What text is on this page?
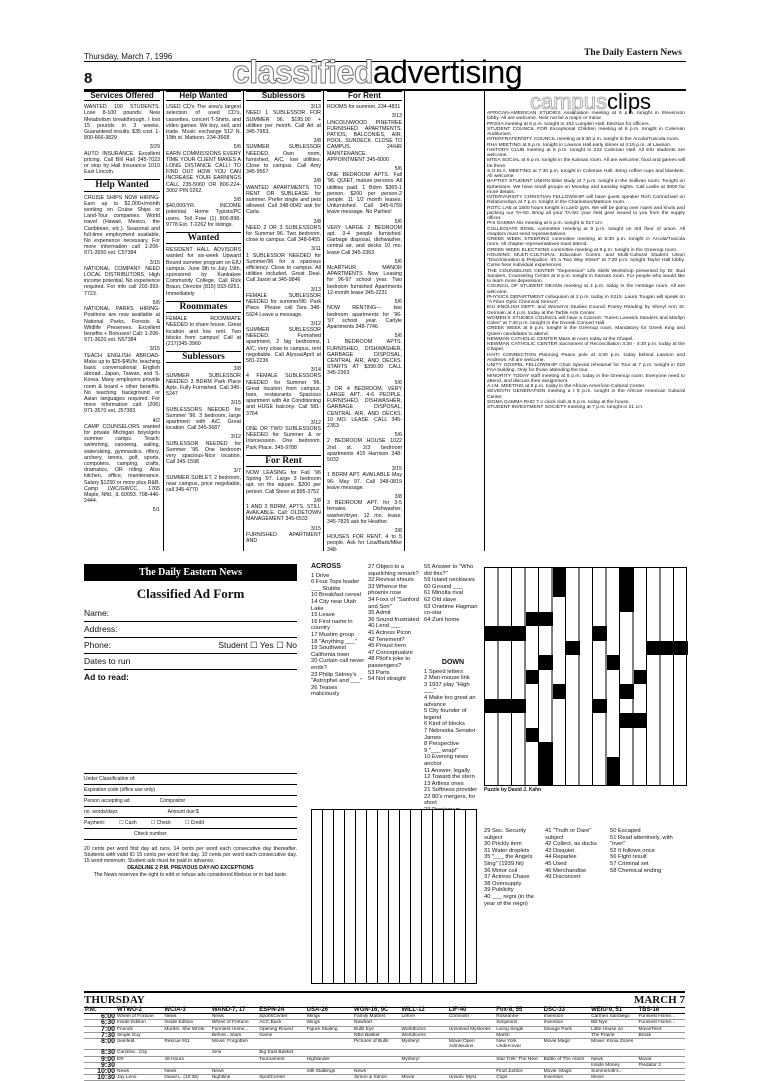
Thursday, March 7, 1996	The Daily Eastern News
8	classifiedadvertising
Services Offered
WANTED 100 STUDENTS. Lose 8-100 pounds. New Metabolism breakthrough. I lost 15 pounds in 3 weeks. Guaranteed results. $35 cost. 1-800-666-3829
3/29
AUTO INSURANCE. Excellent pricing. Call Bill Hall 345-7023 or stop by Hall Insurance 1010 East Lincoln.
Help Wanted
CRUISE SHIPS NOW HIRING- Earn up to $2,000+/month working on Cruise Ships or Land-Tour companies. World travel (Hawaii, Mexico, the Caribbean, etc.). Seasonal and full-time employment available. No experience necessary. For more information call 1-206-971-3550 ext. C57384
3/15
NATIONAL COMPANY NEED LOCAL DISTRIBUTORS. High income potential. No experience required. For info call 202-393-7723.
5/6
NATIONAL PARKS HIRING- Positions are now available at National Parks, Forests & Wildlife Preserves. Excellent benefits + Bonuses! Call: 1-206-971-3620 ext. N57384
3/15
TEACH ENGLISH ABROAD- Make up to $25-$45/hr. teaching basic conversational English abroad. Japan, Taiwan, and S. Korea. Many employers provide room & board + other benefits. No teaching background or Asian languages required. For more information call: (206) 971-3570 ext. J57383
4/2
CAMP COUNSELORS wanted for private Michigan boys/girls summer camps. Teach: swimming, canoeing, sailing, waterskiing, gymnastics, riflery, archery, tennis, golf, sports, computers, camping, crafts, dramatics, OR riding. Also kitchen, office, maintenance. Salary $1250 or more plus R&B. Camp LWC/GWCC, 1765 Maple, Nfld., IL 60093. 708-446-2444.
5/1
Help Wanted
USED CD's The area's largest selection of used CD's, cassettes, concert T-Shirts, and video games. We buy, sell, and trade. Music exchange 512 N. 19th st. Mattoon. 234-3668
5/6
EARN COMMISSIONS EVERY TIME YOUR CLIENT MAKES A LONG DISTANCE CALL! TO FIND OUT HOW YOU CAN INCREASE YOUR EARNINGS CALL 235-5060 OR 800-224-3002 PIN 0262.
3/8
$40,000/YR. INCOME potential. Home Typists/PC users. Toll Free (1) 800-898-9778 Ext. T-2262 for listings.
Wanted
RESIDENT HALL ADVISORS wanted for six-week Upward Bound summer program on EIU campus. June 9th to July 19th, sponsored by Kankakee Community College. Call Rick Braun, Director (815) 933-0261. Immediately
Roommates
FEMALE ROOMMATE NEEDED to share house. Great location and low rent. Two blocks from campus! Call at (217)345-3960
Sublessors
3/8
SUMMER SUBLESSOR NEEDED 3 BDRM Park Place Apts. Fully Furnished. Call 345-5247
3/15
SUBLESSORS NEEDED for Summer '96. 3 bedroom, large apartment with A/C. Great location. Call 345-3687
3/12
SUBLESSOR NEEDED for Summer '96. One bedroom very spacious-Nice location. Call 345-1598
3/7
SUMMER SUBLET, 2 bedroom, near campus, price negotiable, call 345-4770
Sublessors
3/13
NEED 1 SUBLESSOR FOR SUMMER 96. $195.00 + utilities per month. Call Art at 345-7963.
3/8
SUMMER SUBLESSOR NEEDED. Own room, furnished, A/C, low utilities. Close to campus. Call Amy 345-9567
3/8
WANTED APARTMENTS TO RENT OR SUBLEASE for summer. Prefer single and pets allowed. Call 348-0042 ask for Carla.
3/8
NEED 2 OR 3 SUBLESSORS for Summer 96. Two bedroom, close to campus. Call 348-6455
3/11
1 SUBLESSOR NEEDED for Summer/96 for a spacious efficiency. Close to campus. All utilities included. Great Deal. Call Jason at 345-9846
3/13
FEMALE SUBLESSOR NEEDED for summer/96. Park Place. Please call Tara 348-5924 Leave a message.
3/12
SUMMER SUBLESSOR NEEDED. Furnished apartment, 2 big bedrooms, A/C, very close to campus, rent negotiable. Call Alyssa/April at 581-2236
3/14
4 FEMALE SUBLESSORS NEEDED for Summer '96. Great location from campus, bars, restaurants. Spacious apartment with Air Conditioning and HUGE balcony. Call 581-3764
3/12
ONE OR TWO SUBLESSORS NEEDED for Summer & or Intersession. One bedroom. Park Place. 345-9788
For Rent
NOW LEASING for Fall '96 Spring '97. Large 3 bedroom apt. on the square. $200 per person. Call Steve at 895-3752
3/8
1 AND 2 BDRM. APTS. STILL AVAILABLE. Call: OLDETOWN MANAGEMENT 345-6533
3/15
FURNISHED APARTMENT AND
For Rent
ROOMS for summer. 234-4831
3/13
LINCOLNWOOD PINETREE FURNISHED APARTMENTS. PATIOS, BALCONIES, AIR, POOL, SUNDECK. CLOSE TO CAMPUS. 24/HR MAINTENANCE. APPOINTMENT 345-6000
5/6
ONE BEDROOM APTS. Fall '96. QUIET, mature persons. All utilities paid. 1 Bdrm $365-1 person. $200 per person-2 people. 11 1/2 month leases. Unfurnished. Call 345-6759 leave message. No Parties!
5/6
VERY LARGE 2 BEDROOM apt. 3-4 people furnished. Garbage disposal, dishwasher, central air, and decks 10 mo. lease Call 345-2363
5/6
McARTHUR MANOR APARTMENTS Now Leasing for 96-97 school year. Two bedroom furnished Apartments 12-month lease 345-2231
5/6
NOW RENTING--- two bedroom apartments for '96- '97 school year. Carlyle Apartments 348-7746
5/6
1 BEDROOM APTS. FURNISHED, DISHWASHER, GARBAGE DISPOSAL, CENTRAL AIR, AND DECKS. STARTS AT $390.00 CALL 345-2363
5/6
3 OR 4 BEDROOM, VERY LARGE APT. 4-6 PEOPLE. FURNISHED, DISHWASHER, GARBAGE DISPOSAL, CENTRAL AIR, AND DECKS. 10 MO. LEASE. CALL 345-2363
5/6
2 BEDROOM HOUSE 1022 2nd st. 2/3 bedroom apartments 415 Harrison 348-5032
3/15
1 BDRM APT. AVAILABLE May 96- May 97. Call 348-0819 leave message.
3/8
3 BEDROOM APT. for 3-5 females. Dishwasher, washer/dryer. 12 mo. lease. 345-7825 ask for Heather.
3/8
HOUSES FOR RENT. 4 to 5 people. Ask for Lisa/Barb/Mike 348-
campusclips
AFRICAN-AMERICAN STUDIES Association meeting at 6 p.m. tonight in Stevenson lobby. All are welcome. Next not be a major or minor.
PRSSA meeting at 6 p.m. tonight in 102 Lumpkin Hall. Election for officers.
STUDENT COUNCIL FOR Exceptional Children meeting at 6 p.m. tonight in Coleman Auditorium.
INTERFRATERNITY COUNCIL meeting at 6:30 p.m. tonight in the Arcola/Tuscola room.
RHA MEETING at 5 p.m. tonight in Lawson Hall.early dinner at 4:15 p.m. at Lawson.
HISTORY CLUB meeting at 6 p.m. tonight in 222 Coleman Hall. All EIU students are welcome.
MTEA SOCIAL at 6 p.m. tonight in the Kansas room. All are welcome; food and games will be there.
S.O.M.A. MEETING at 7:30 p.m. tonight in Coleman Hall. Bring coffee cups and blankets. All welcome.
BAPTIST STUDENT UNION bible study at 7 p.m. tonight in the Sullivan room. Tonight on Ephesians. We have small groups on Monday and tuesday nights. Call Leslie at 3000 for more details.
INTERVARSITY CHRISTIAN FELLOWSHIP will have guest speaker Rich Carmichael on Relationships at 7 p.m. tonight in the Charleston/Mattoon room.
ROTC LAB at 1500 hours tonight in Lantz gym. We will be going over ropes and knots and packing our TA-50. Bring all your TA-50; your field gear issued to you from the supply officer.
PHI GAMMA NU meeting at 6 p.m. tonight in 017 LH.
COLLEGIATE BOWL committee meeting at 9 p.m. tonight on 3rd floor of union. All chapters must send representatives.
GREEK WEEK STEERING committee meeting at 9:30 p.m. tonight in Arcola/Tuscola room. All chapter representatives must attend.
GREEK WEEK ELECTIONS committee meeting at 9 p.m. tonight in the Greenup room.
HOUSING MULTI-CULTURAL Education Comm. and Multi-Cultural Student Union "Discrimination & Prejudice: It's a Two Way Street" at 7:30 p.m. tonight Taylor Hall lobby. Come hear individual experiences.
THE COUNSELING CENTER "Depression" Life Skills Workshop presented by Dr. Bud Sanders, Counseling Center at 8 p.m. tonight in Kansas room. For people who would like to learn more depression.
COUNCIL OF STUDENT DEANS meeting at 4 p.m. today in the Heritage room. All are welcome.
PHYSICS DEPARTMENT colloquium at 2 p.m. today in S215. Laura Tougan will speak on "A Fiber Optic Chemical Sensor".
EIU ENGLISH DEPT. and Women's Studies Council Poetry Reading by Sheryl Ann St. Germain at 4 p.m. today at the Tarble Arts Center.
WOMEN'S STUDIES COUNCIL will have a Concert: "Karen Lanwick Sanders and Marilyn Coles" at 7:30 p.m. tonight in the Dvorak Concert Hall.
GREEK WEEK at 9 p.m. tonight in the Greenup room. Mandatory for Greek King and Queen candidates to attend.
NEWMAN CATHOLIC CENTER Mass at noon today at the Chapel.
NEWMAN CATHOLIC CENTER Sacrament of Reconciliation 3:30 - 4:30 p.m. today at the Chapel.
HAITI CONNECTION Planning Peace pole at 3:30 p.m. today behind Lawson and Andrews. All are welcome.
UNITY GOSPEL FELLOWSHIP Choir Special rehearsal for Tour at 7 p.m. tonight in 010 FAA building. Only for those attending the tour.
MINORITY TODAY staff meeting at 5 p.m. today in the Greenup room. Everyone need to attend, and discuss their assignment.
A.I.M. MEETING at 5 p.m. today in the African American Cultural Center.
SEVENTH GENERATION meeting a t 5 p.m. tonight in the African American Cultural Center.
SIGMA GAMMA RHO 7 o clock club at 5 p.m. today at the house.
STUDENT INVESTMENT SOCIETY meeting at 7 p.m. tonight in 21 LH.
The Daily Eastern News
Classified Ad Form
Name:
Address:
Phone:	Student ☐ Yes ☐ No
Dates to run
Ad to read:
Under Classification of:
Expiration code (office use only)
Person accepting ad	Compositor
no. words/days	Amount due:$
Payment:	☐ Cash	☐ Check	☐ Credit
Check number
20 cents per word first day ad runs. 14 cents per word each consecutive day thereafter. Students with valid ID 15 cents per word first day. 10 cents per word each consecutive day. 15 word minimum. Student ads must be paid in advance.
DEADLINE 2 P.M. PREVIOUS DAY-NO EXCEPTIONS
The News reserves the right to edit or refuse ads considered libelous or in bad taste.
ACROSS
1 Drive
6 Four Tops leader ___ Stubbs
10 Breakfast cereal
14 City near Utah Lake
15 Leave
16 First name in country
17 Mustim group
18 "Anything ___"
19 Southwest California town
20 Curtain call never ends?
23 Philip Sidney's "Astrophel and ___"
26 Teases maliciously
27 Object to a squelching remark?
32 Revival shouts
33 Whence the phoenix rose
34 Foxx of "Sanford and Son"
35 Admit
36 Sound frustrated
40 Lend ___
41 Actress Picon
42 Tenement?
45 Proust hero
47 Conceptualize
48 Pilot's joke to passengers?
53 Parts
54 Not straight
55 Answer to "Who did this?"
59 Island necklaces
60 Ground ___
61 Minolta rival
62 Old slave
63 Onetime Hagman co-star
64 Zuni home
DOWN
1 Speed letters
2 Man-mouse link
3 1937 play "High ___"
4 Make too great an advance
5 City founder of legend
6 Kind of blocks
7 Nebraska Senator James
8 Perspective
9 "___ wrap!"
10 Evening news anchor
11 Answer, legally
12 Toward the stern
13 Artless ones
21 Softness provider
22 80's mergers, for short
29 Soc. Security subject
30 Prickly item
31 Water droplets
35 "___ the Angels Sing" (1939 hit)
36 Motor coil
37 Actress Chase
38 Oversupply
39 Publicity
40 ___ regni (in the year of the reign)
41 "Truth or Dare" subject
42 Collect, as ducks
43 Disquiet
44 Reparlee
45 Used
46 Merchandise
49 Disconcert
50 Escaped
51 Read attentively, with "over"
52 It follows once
56 Fight result
57 Criminal set
58 Chemical ending
Puzzle by David J. Kahn
THURSDAY	MARCH 7
P.M.	WTWO-2	WCIA-3	WAND-7, 17	ESPN-24	USA-26	WGN-16, 9C	WILL-12	LIF-40	Fox-8, 55	DSC-33	WEIU-9, 51	TBS-18
6:00	Wheel of Fortune	News	News	SportsCenter	Wings	Family Matters	Lehrer	Commish	Roseanne	Invention	Carmen Sandiego	Funniest Home...
6:30	Inside Edition	Inside Edition	Wheel of Fortune	ACC Back	Wings	Newhart			Simpsons	Invention	Bill Nye	Funniest Home...
7:00	Friends	Murder, She Wrote	Funniest Home...	Opening Round	Figure Skating	Bulls Eye	Worldtoons	Unsolved Mysteries	Living Single	Savage Pack	Little House on	MovieTeint
7:30	Single Guy		Before...Stars	Game		NBA Basket	Worldtoons		Martin		The Prairie	Break
8:00	Seinfeld	Rescue 911	Movie: Forgotten			Pictures of Bulls	Mystery!	Movie:Open Admissions	New York Undercover	Movie Magic	Movie: Know Zones	
8:30	Caroline...City		Sins	Big East Basket								
9:00	ER	48 Hours		Tournament	Highlander		Mystery!		Star Trek: The Next	Battle of The Alarm	News	Movie:
9:30											Inside Money	Predator 2
10:00	News	News	News		Silk Stalkings	News			Final Justice	Movie: Magic	Summerolk's...	
10:30	Jay Leno	David L. (10:35)	Nightline	SportCenter		Simon & Simon	Movie	Unsolv. Myst.	Cops	Invention	Movie	
